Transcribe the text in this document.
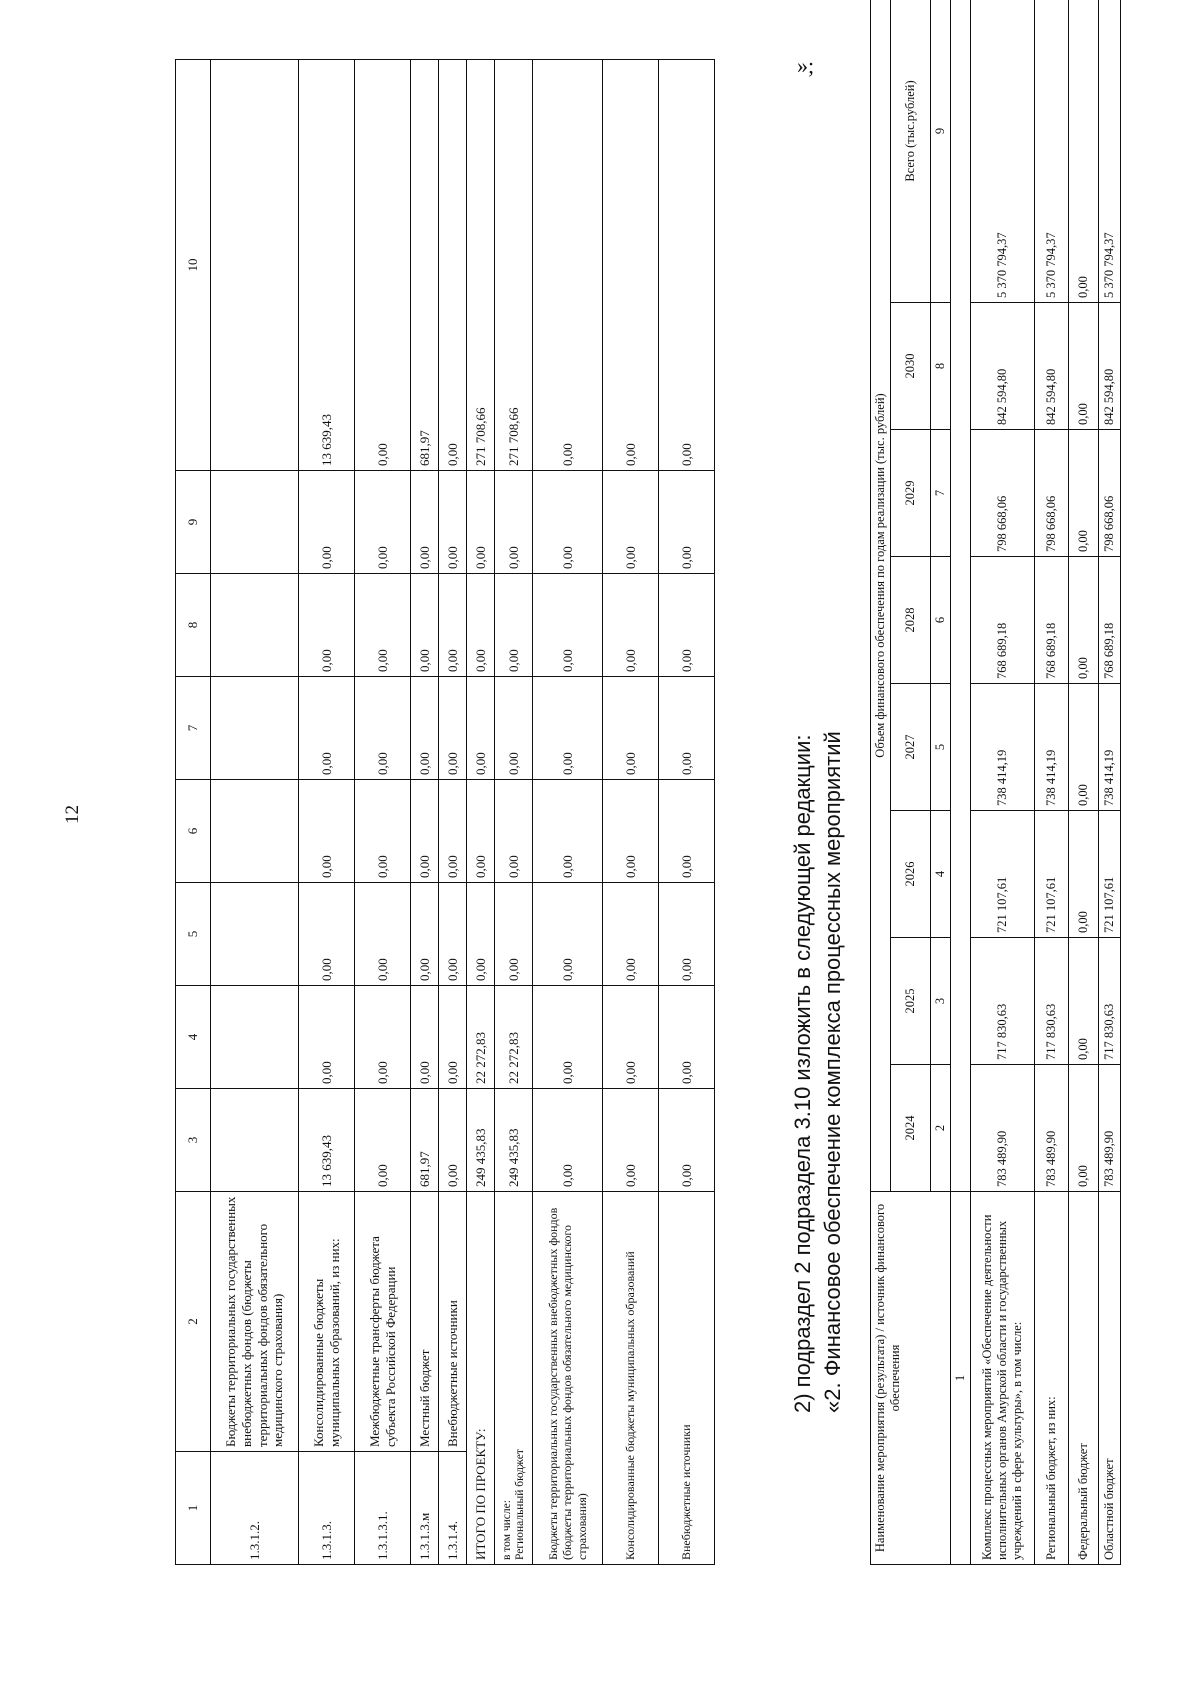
12
1	2	3	4	5	6	7	8	9	10
1.3.1.2.	Бюджеты территориальных государственных внебюджетных фондов (бюджеты территориальных фондов обязательного медицинского страхования)								
1.3.1.3.	Консолидированные бюджеты муниципальных образований, из них:	13 639,43	0,00	0,00	0,00	0,00	0,00	0,00	13 639,43
1.3.1.3.1.	Межбюджетные трансферты бюджета субъекта Российской Федерации	0,00	0,00	0,00	0,00	0,00	0,00	0,00	0,00
1.3.1.3.м	Местный бюджет	681,97	0,00	0,00	0,00	0,00	0,00	0,00	681,97
1.3.1.4.	Внебюджетные источники	0,00	0,00	0,00	0,00	0,00	0,00	0,00	0,00
ИТОГО ПО ПРОЕКТУ:		249 435,83	22 272,83	0,00	0,00	0,00	0,00	0,00	271 708,66

в том числе: Региональный бюджет		249 435,83	22 272,83	0,00	0,00	0,00	0,00	0,00	271 708,66
Бюджеты территориальных государственных внебюджетных фондов (бюджеты территориальных фондов обязательного медицинского страхования)		0,00	0,00	0,00	0,00	0,00	0,00	0,00	0,00
Консолидированные бюджеты муниципальных образований		0,00	0,00	0,00	0,00	0,00	0,00	0,00	0,00
Внебюджетные источники		0,00	0,00	0,00	0,00	0,00	0,00	0,00	0,00
»;
2) подраздел 2 подраздела 3.10 изложить в следующей редакции: «2. Финансовое обеспечение комплекса процессных мероприятий Наименование мероприятия (результата) / источник финансового обеспечения	Объем финансового обеспечения по годам реализации (тыс. рублей)							
	2024	2025	2026	2027	2028	2029	2030	Всего (тыс.рублей)
	2	3	4	5	6	7	8	9
1								
Комплекс процессных мероприятий «Обеспечение деятельности исполнительных органов Амурской области и государственных учреждений в сфере культуры», в том числе:	783 489,90	717 830,63	721 107,61	738 414,19	768 689,18	798 668,06	842 594,80	5 370 794,37
Региональный бюджет, из них:	783 489,90	717 830,63	721 107,61	738 414,19	768 689,18	798 668,06	842 594,80	5 370 794,37
Федеральный бюджет	0,00	0,00	0,00	0,00	0,00	0,00	0,00	0,00
Областной бюджет	783 489,90	717 830,63	721 107,61	738 414,19	768 689,18	798 668,06	842 594,80	5 370 794,37
